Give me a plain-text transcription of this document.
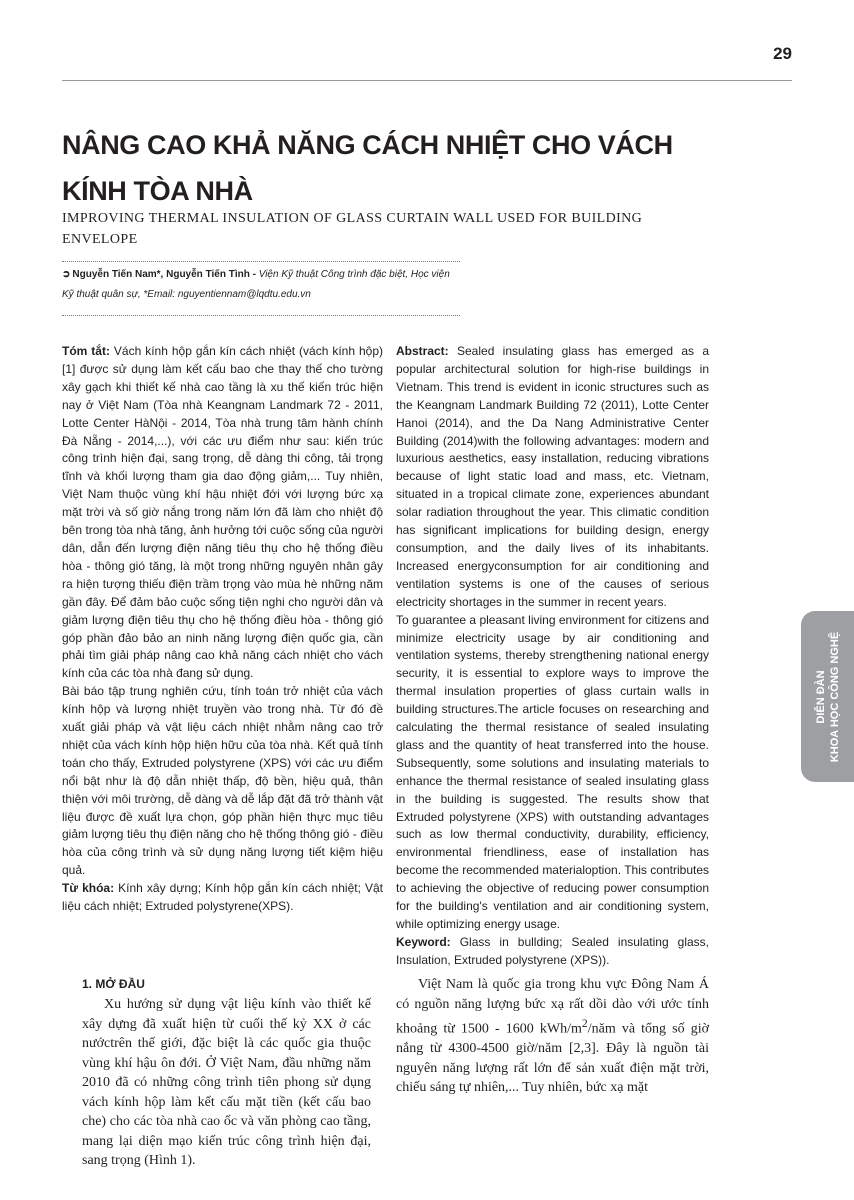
29
NÂNG CAO KHẢ NĂNG CÁCH NHIỆT CHO VÁCH KÍNH TÒA NHÀ
IMPROVING THERMAL INSULATION OF GLASS CURTAIN WALL USED FOR BUILDING ENVELOPE
➲ Nguyễn Tiến Nam*, Nguyễn Tiến Tình - Viện Kỹ thuật Công trình đặc biệt, Học viện Kỹ thuật quân sự, *Email: nguyentiennam@lqdtu.edu.vn

Tóm tắt: Vách kính hộp gắn kín cách nhiệt (vách kính hộp) [1] được sử dụng làm kết cấu bao che thay thế cho tường xây gạch khi thiết kế nhà cao tầng là xu thế kiến trúc hiện nay ở Việt Nam (Tòa nhà Keangnam Landmark 72 - 2011, Lotte Center HàNội - 2014, Tòa nhà trung tâm hành chính Đà Nẵng - 2014,...), với các ưu điểm như sau: kiến trúc công trình hiện đại, sang trọng, dễ dàng thi công, tải trọng tĩnh và khối lượng tham gia dao động giảm,... Tuy nhiên, Việt Nam thuộc vùng khí hậu nhiệt đới với lượng bức xạ mặt trời và số giờ nắng trong năm lớn đã làm cho nhiệt độ bên trong tòa nhà tăng, ảnh hưởng tới cuộc sống của người dân, dẫn đến lượng điện năng tiêu thụ cho hệ thống điều hòa - thông gió tăng, là một trong những nguyên nhân gây ra hiện tượng thiếu điện trầm trọng vào mùa hè những năm gần đây. Để đảm bảo cuộc sống tiện nghi cho người dân và giảm lượng điện tiêu thụ cho hệ thống điều hòa - thông gió góp phần đảo bảo an ninh năng lượng điện quốc gia, cần phải tìm giải pháp nâng cao khả năng cách nhiệt cho vách kính của các tòa nhà đang sử dụng.

Bài báo tập trung nghiên cứu, tính toán trở nhiệt của vách kính hộp và lượng nhiệt truyền vào trong nhà. Từ đó đề xuất giải pháp và vật liệu cách nhiệt nhằm nâng cao trở nhiệt của vách kính hộp hiện hữu của tòa nhà. Kết quả tính toán cho thấy, Extruded polystyrene (XPS) với các ưu điểm nổi bật như là độ dẫn nhiệt thấp, độ bền, hiệu quả, thân thiện với môi trường, dễ dàng và dễ lắp đặt đã trở thành vật liệu được đề xuất lựa chọn, góp phần hiện thực mục tiêu giảm lượng tiêu thụ điện năng cho hệ thống thông gió - điều hòa của công trình và sử dụng năng lượng tiết kiệm hiệu quả.

Từ khóa: Kính xây dựng; Kính hộp gắn kín cách nhiệt; Vật liệu cách nhiệt; Extruded polystyrene(XPS).

Abstract: Sealed insulating glass has emerged as a popular architectural solution for high-rise buildings in Vietnam. This trend is evident in iconic structures such as the Keangnam Landmark Building 72 (2011), Lotte Center Hanoi (2014), and the Da Nang Administrative Center Building (2014)with the following advantages: modern and luxurious aesthetics, easy installation, reducing vibrations because of light static load and mass, etc. Vietnam, situated in a tropical climate zone, experiences abundant solar radiation throughout the year. This climatic condition has significant implications for building design, energy consumption, and the daily lives of its inhabitants. Increased energyconsumption for air conditioning and ventilation systems is one of the causes of serious electricity shortages in the summer in recent years.

To guarantee a pleasant living environment for citizens and minimize electricity usage by air conditioning and ventilation systems, thereby strengthening national energy security, it is essential to explore ways to improve the thermal insulation properties of glass curtain walls in building structures.The article focuses on researching and calculating the thermal resistance of sealed insulating glass and the quantity of heat transferred into the house. Subsequently, some solutions and insulating materials to enhance the thermal resistance of sealed insulating glass in the building is suggested. The results show that Extruded polystyrene (XPS) with outstanding advantages such as low thermal conductivity, durability, efficiency, environmental friendliness, ease of installation has become the recommended materialoption. This contributes to achieving the objective of reducing power consumption for the building's ventilation and air conditioning system, while optimizing energy usage.

Keyword: Glass in bullding; Sealed insulating glass, Insulation, Extruded polystyrene (XPS)).

1. MỞ ĐẦU

Xu hướng sử dụng vật liệu kính vào thiết kế xây dựng đã xuất hiện từ cuối thế kỷ XX ở các nướctrên thế giới, đặc biệt là các quốc gia thuộc vùng khí hậu ôn đới. Ở Việt Nam, đầu những năm 2010 đã có những công trình tiên phong sử dụng vách kính hộp làm kết cấu mặt tiền (kết cấu bao che) cho các tòa nhà cao ốc và văn phòng cao tầng, mang lại diện mạo kiến trúc công trình hiện đại, sang trọng (Hình 1).

Việt Nam là quốc gia trong khu vực Đông Nam Á có nguồn năng lượng bức xạ rất dồi dào với ước tính khoảng từ 1500 - 1600 kWh/$m^2$/năm và tổng số giờ nắng từ 4300-4500 giờ/năm [2,3]. Đây là nguồn tài nguyên năng lượng rất lớn để sản xuất điện mặt trời, chiếu sáng tự nhiên,... Tuy nhiên, bức xạ mặt

DIỄN ĐÀN KHOA HỌC CÔNG NGHỆ
